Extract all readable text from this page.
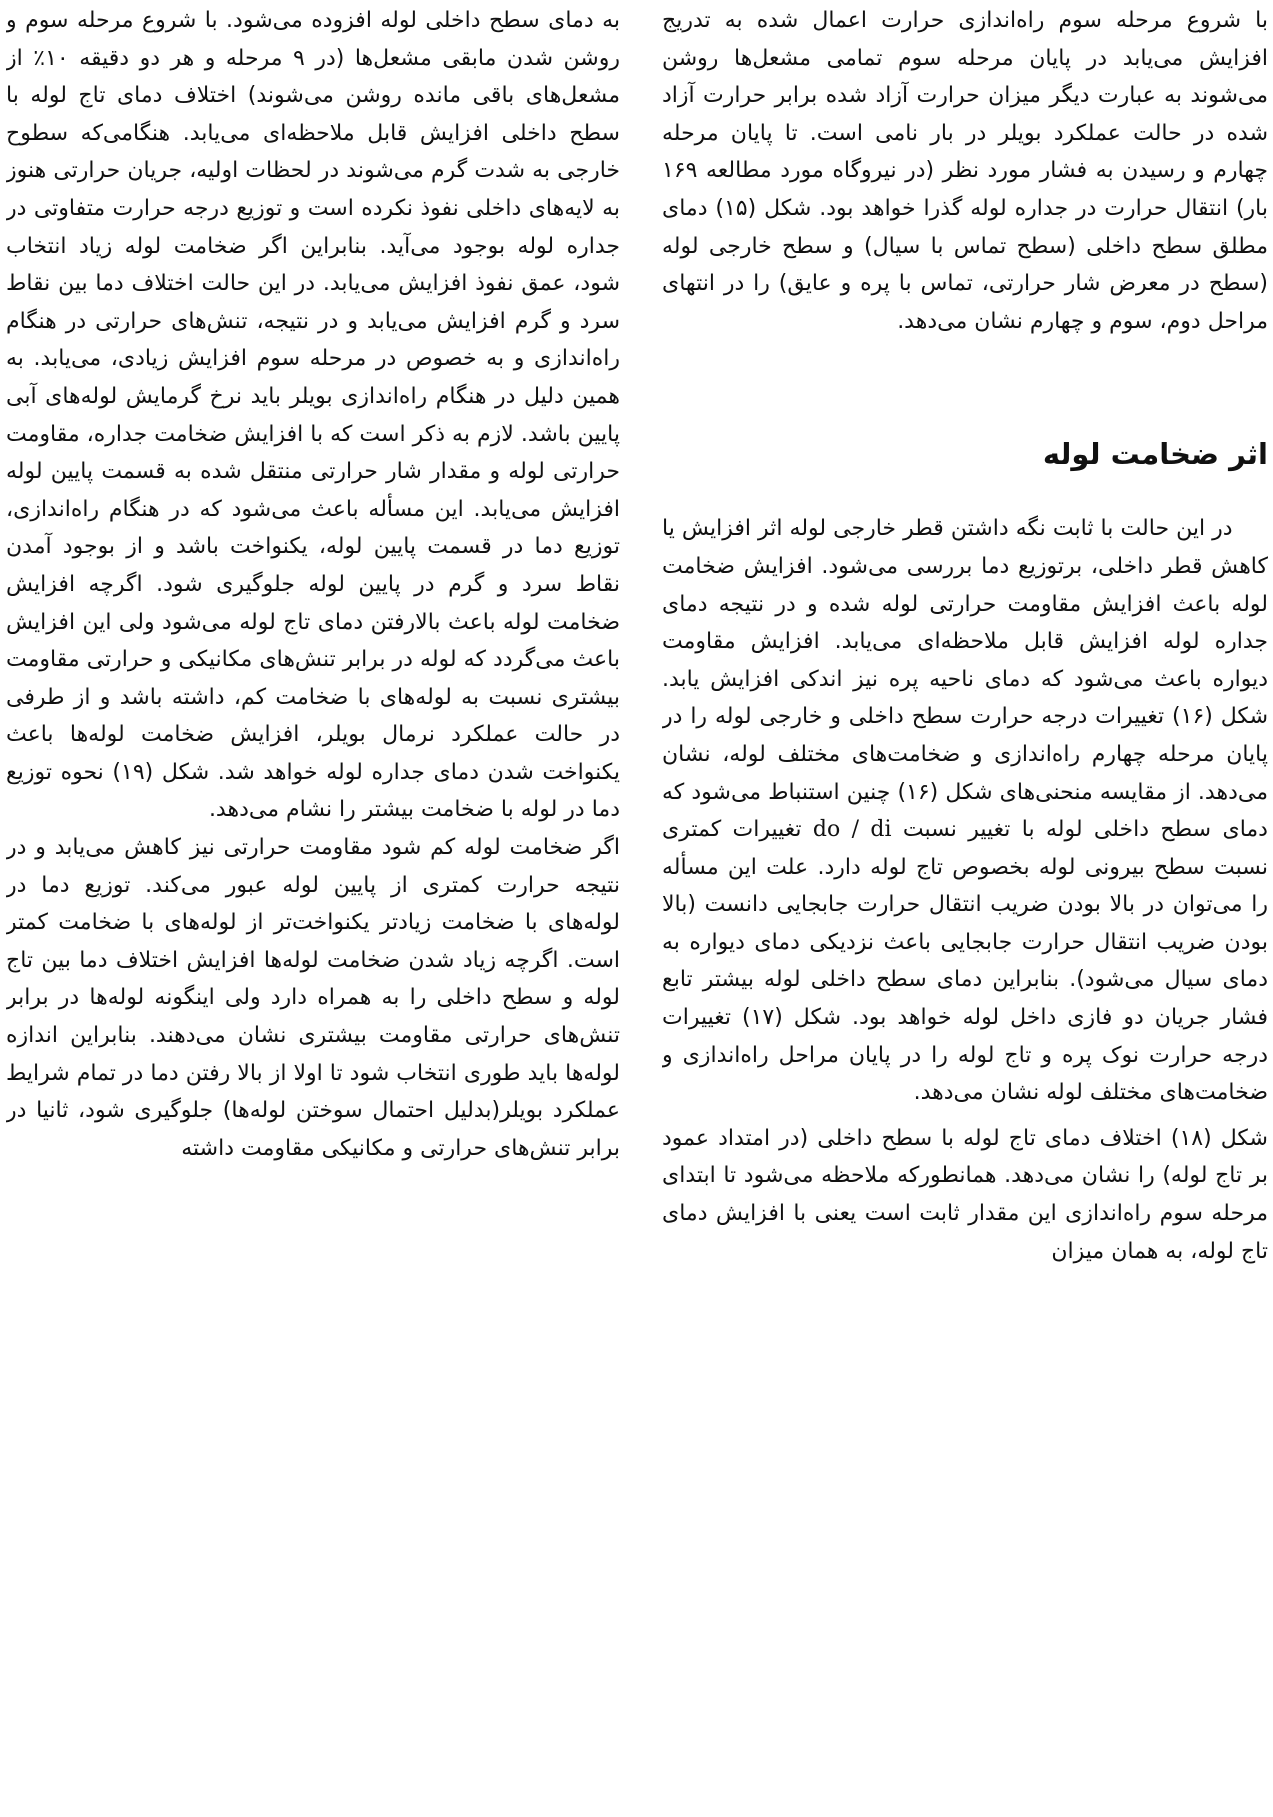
با شروع مرحله سوم راه‌اندازی حرارت اعمال شده به تدریج افزایش می‌یابد در پایان مرحله سوم تمامی مشعل‌ها روشن می‌شوند به عبارت دیگر میزان حرارت آزاد شده برابر حرارت آزاد شده در حالت عملکرد بویلر در بار نامی است. تا پایان مرحله چهارم و رسیدن به فشار مورد نظر (در نیروگاه مورد مطالعه ۱۶۹ بار) انتقال حرارت در جداره لوله گذرا خواهد بود. شکل (۱۵) دمای مطلق سطح داخلی (سطح تماس با سیال) و سطح خارجی لوله (سطح در معرض شار حرارتی، تماس با پره و عایق) را در انتهای مراحل دوم، سوم و چهارم نشان می‌دهد.

اثر ضخامت لوله

در این حالت با ثابت نگه داشتن قطر خارجی لوله اثر افزایش یا کاهش قطر داخلی، برتوزیع دما بررسی می‌شود. افزایش ضخامت لوله باعث افزایش مقاومت حرارتی لوله شده و در نتیجه دمای جداره لوله افزایش قابل ملاحظه‌ای می‌یابد. افزایش مقاومت دیواره باعث می‌شود که دمای ناحیه پره نیز اندکی افزایش یابد. شکل (۱۶) تغییرات درجه حرارت سطح داخلی و خارجی لوله را در پایان مرحله چهارم راه‌اندازی و ضخامت‌های مختلف لوله، نشان می‌دهد. از مقایسه منحنی‌های شکل (۱۶) چنین استنباط می‌شود که دمای سطح داخلی لوله با تغییر نسبت do / di تغییرات کمتری نسبت سطح بیرونی لوله بخصوص تاج لوله دارد. علت این مسأله را می‌توان در بالا بودن ضریب انتقال حرارت جابجایی دانست (بالا بودن ضریب انتقال حرارت جابجایی باعث نزدیکی دمای دیواره به دمای سیال می‌شود). بنابراین دمای سطح داخلی لوله بیشتر تابع فشار جریان دو فازی داخل لوله خواهد بود. شکل (۱۷) تغییرات درجه حرارت نوک پره و تاج لوله را در پایان مراحل راه‌اندازی و ضخامت‌های مختلف لوله نشان می‌دهد.

شکل (۱۸) اختلاف دمای تاج لوله با سطح داخلی (در امتداد عمود بر تاج لوله) را نشان می‌دهد. همانطورکه ملاحظه می‌شود تا ابتدای مرحله سوم راه‌اندازی این مقدار ثابت است یعنی با افزایش دمای تاج لوله، به همان میزان

به دمای سطح داخلی لوله افزوده می‌شود. با شروع مرحله سوم و روشن شدن مابقی مشعل‌ها (در ۹ مرحله و هر دو دقیقه ۱۰٪ از مشعل‌های باقی مانده روشن می‌شوند) اختلاف دمای تاج لوله با سطح داخلی افزایش قابل ملاحظه‌ای می‌یابد. هنگامی‌که سطوح خارجی به شدت گرم می‌شوند در لحظات اولیه، جریان حرارتی هنوز به لایه‌های داخلی نفوذ نکرده است و توزیع درجه حرارت متفاوتی در جداره لوله بوجود می‌آید. بنابراین اگر ضخامت لوله زیاد انتخاب شود، عمق نفوذ افزایش می‌یابد. در این حالت اختلاف دما بین نقاط سرد و گرم افزایش می‌یابد و در نتیجه، تنش‌های حرارتی در هنگام راه‌اندازی و به خصوص در مرحله سوم افزایش زیادی، می‌یابد. به همین دلیل در هنگام راه‌اندازی بویلر باید نرخ گرمایش لوله‌های آبی پایین باشد. لازم به ذکر است که با افزایش ضخامت جداره، مقاومت حرارتی لوله و مقدار شار حرارتی منتقل شده به قسمت پایین لوله افزایش می‌یابد. این مسأله باعث می‌شود که در هنگام راه‌اندازی، توزیع دما در قسمت پایین لوله، یکنواخت باشد و از بوجود آمدن نقاط سرد و گرم در پایین لوله جلوگیری شود. اگرچه افزایش ضخامت لوله باعث بالارفتن دمای تاج لوله می‌شود ولی این افزایش باعث می‌گردد که لوله در برابر تنش‌های مکانیکی و حرارتی مقاومت بیشتری نسبت به لوله‌های با ضخامت کم، داشته باشد و از طرفی در حالت عملکرد نرمال بویلر، افزایش ضخامت لوله‌ها باعث یکنواخت شدن دمای جداره لوله خواهد شد. شکل (۱۹) نحوه توزیع دما در لوله با ضخامت بیشتر را نشام می‌دهد.

اگر ضخامت لوله کم شود مقاومت حرارتی نیز کاهش می‌یابد و در نتیجه حرارت کمتری از پایین لوله عبور می‌کند. توزیع دما در لوله‌های با ضخامت زیادتر یکنواخت‌تر از لوله‌های با ضخامت کمتر است. اگرچه زیاد شدن ضخامت لوله‌ها افزایش اختلاف دما بین تاج لوله و سطح داخلی را به همراه دارد ولی اینگونه لوله‌ها در برابر تنش‌های حرارتی مقاومت بیشتری نشان می‌دهند. بنابراین اندازه لوله‌ها باید طوری انتخاب شود تا اولا از بالا رفتن دما در تمام شرایط عملکرد بویلر(بدلیل احتمال سوختن لوله‌ها) جلوگیری شود، ثانیا در برابر تنش‌های حرارتی و مکانیکی مقاومت داشته
